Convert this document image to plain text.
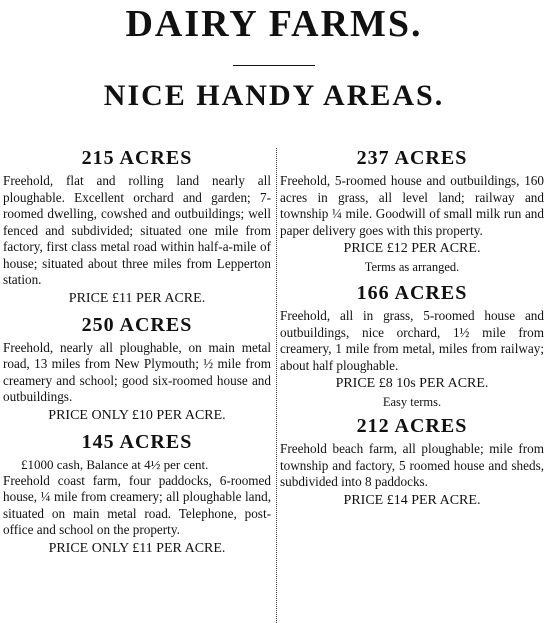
DAIRY FARMS.
NICE HANDY AREAS.
215 ACRES

Freehold, flat and rolling land nearly all ploughable. Excellent orchard and garden; 7-roomed dwelling, cowshed and outbuildings; well fenced and subdivided; situated one mile from factory, first class metal road within half-a-mile of house; situated about three miles from Lepperton station.

PRICE £11 PER ACRE.

250 ACRES

Freehold, nearly all ploughable, on main metal road, 13 miles from New Plymouth; ½ mile from creamery and school; good six-roomed house and outbuildings.

PRICE ONLY £10 PER ACRE.

145 ACRES

£1000 cash, Balance at 4½ per cent.

Freehold coast farm, four paddocks, 6-roomed house, ¼ mile from creamery; all ploughable land, situated on main metal road. Telephone, post-office and school on the property.

PRICE ONLY £11 PER ACRE.

237 ACRES

Freehold, 5-roomed house and outbuildings, 160 acres in grass, all level land; railway and township ¼ mile. Goodwill of small milk run and paper delivery goes with this property.

PRICE £12 PER ACRE.

Terms as arranged.

166 ACRES

Freehold, all in grass, 5-roomed house and outbuildings, nice orchard, 1½ mile from creamery, 1 mile from metal, miles from railway; about half ploughable.

PRICE £8 10s PER ACRE.

Easy terms.

212 ACRES

Freehold beach farm, all ploughable; mile from township and factory, 5 roomed house and sheds, subdivided into 8 paddocks.

PRICE £14 PER ACRE.
